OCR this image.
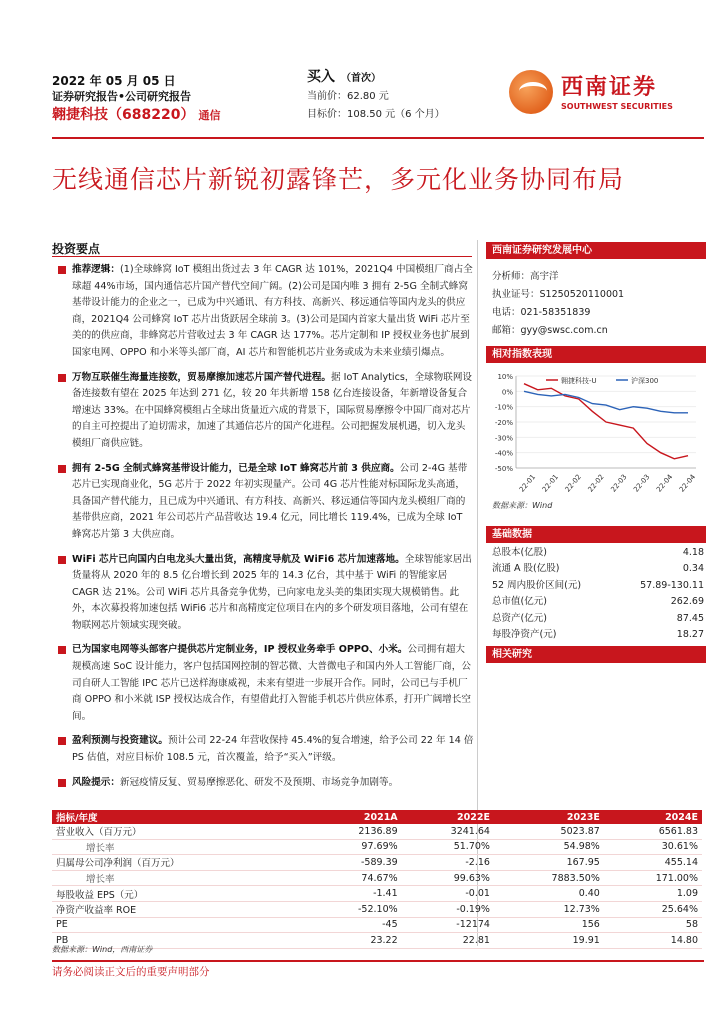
2022 年 05 月 05 日
证券研究报告•公司研究报告
翱捷科技（688220） 通信
买入 （首次）
当前价：62.80 元
目标价：108.50 元（6 个月）
西南证券
SOUTHWEST SECURITIES
无线通信芯片新锐初露锋芒，多元化业务协同布局
投资要点
推荐逻辑：(1)全球蜂窝 IoT 模组出货过去 3 年 CAGR 达 101%，2021Q4 中国模组厂商占全球超 44%市场，国内通信芯片国产替代空间广阔。(2)公司是国内唯 3 拥有 2-5G 全制式蜂窝基带设计能力的企业之一，已成为中兴通讯、有方科技、高新兴、移远通信等国内龙头的供应商，2021Q4 公司蜂窝 IoT 芯片出货跃居全球前 3。(3)公司是国内首家大量出货 WiFi 芯片至美的的供应商，非蜂窝芯片营收过去 3 年 CAGR 达 177%。芯片定制和 IP 授权业务也扩展到国家电网、OPPO 和小米等头部厂商，AI 芯片和智能机芯片业务或成为未来业绩引爆点。
万物互联催生海量连接数，贸易摩擦加速芯片国产替代进程。据 IoT Analytics，全球物联网设备连接数有望在 2025 年达到 271 亿，较 20 年共新增 158 亿台连接设备，年新增设备复合增速达 33%。在中国蜂窝模组占全球出货量近六成的背景下，国际贸易摩擦令中国厂商对芯片的自主可控提出了迫切需求，加速了其通信芯片的国产化进程。公司把握发展机遇，切入龙头模组厂商供应链。
拥有 2-5G 全制式蜂窝基带设计能力，已是全球 IoT 蜂窝芯片前 3 供应商。公司 2-4G 基带芯片已实现商业化，5G 芯片于 2022 年初实现量产。公司 4G 芯片性能对标国际龙头高通，具备国产替代能力，且已成为中兴通讯、有方科技、高新兴、移远通信等国内龙头模组厂商的基带供应商，2021 年公司芯片产品营收达 19.4 亿元，同比增长 119.4%，已成为全球 IoT 蜂窝芯片第 3 大供应商。
WiFi 芯片已向国内白电龙头大量出货，高精度导航及 WiFi6 芯片加速落地。全球智能家居出货量将从 2020 年的 8.5 亿台增长到 2025 年的 14.3 亿台，其中基于 WiFi 的智能家居 CAGR 达 21%。公司 WiFi 芯片具备竞争优势，已向家电龙头美的集团实现大规模销售。此外，本次募投将加速包括 WiFi6 芯片和高精度定位项目在内的多个研发项目落地，公司有望在物联网芯片领域实现突破。
已为国家电网等头部客户提供芯片定制业务，IP 授权业务牵手 OPPO、小米。公司拥有超大规模高速 SoC 设计能力，客户包括国网控制的智芯微、大普微电子和国内外人工智能厂商，公司自研人工智能 IPC 芯片已送样海康威视，未来有望进一步展开合作。同时，公司已与手机厂商 OPPO 和小米就 ISP 授权达成合作，有望借此打入智能手机芯片供应体系，打开广阔增长空间。
盈利预测与投资建议。预计公司 22-24 年营收保持 45.4%的复合增速，给予公司 22 年 14 倍 PS 估值，对应目标价 108.5 元，首次覆盖，给予“买入”评级。
风险提示：新冠疫情反复、贸易摩擦恶化、研发不及预期、市场竞争加剧等。
西南证券研究发展中心
分析师：高宇洋
执业证号：S1250520110001
电话：021-58351839
邮箱：gyy@swsc.com.cn
相对指数表现
10%
0%
-10%
-20%
-30%
-40%
-50%
22-01 22-01 22-02 22-02 22-03 22-03 22-04 22-04
翱捷科技-U	沪深300
数据来源：Wind
基础数据
总股本(亿股)	4.18
流通 A 股(亿股)	0.34
52 周内股价区间(元)	57.89-130.11
总市值(亿元)	262.69
总资产(亿元)	87.45
每股净资产(元)	18.27
相关研究
指标/年度	2021A	2022E	2023E	2024E
营业收入（百万元）	2136.89	3241.64	5023.87	6561.83
增长率	97.69%	51.70%	54.98%	30.61%
归属母公司净利润（百万元）	-589.39	-2.16	167.95	455.14
增长率	74.67%	99.63%	7883.50%	171.00%
每股收益 EPS（元）	-1.41	-0.01	0.40	1.09
净资产收益率 ROE	-52.10%	-0.19%	12.73%	25.64%
PE	-45	-12174	156	58
PB	23.22	22.81	19.91	14.80
数据来源：Wind，西南证券
请务必阅读正文后的重要声明部分
